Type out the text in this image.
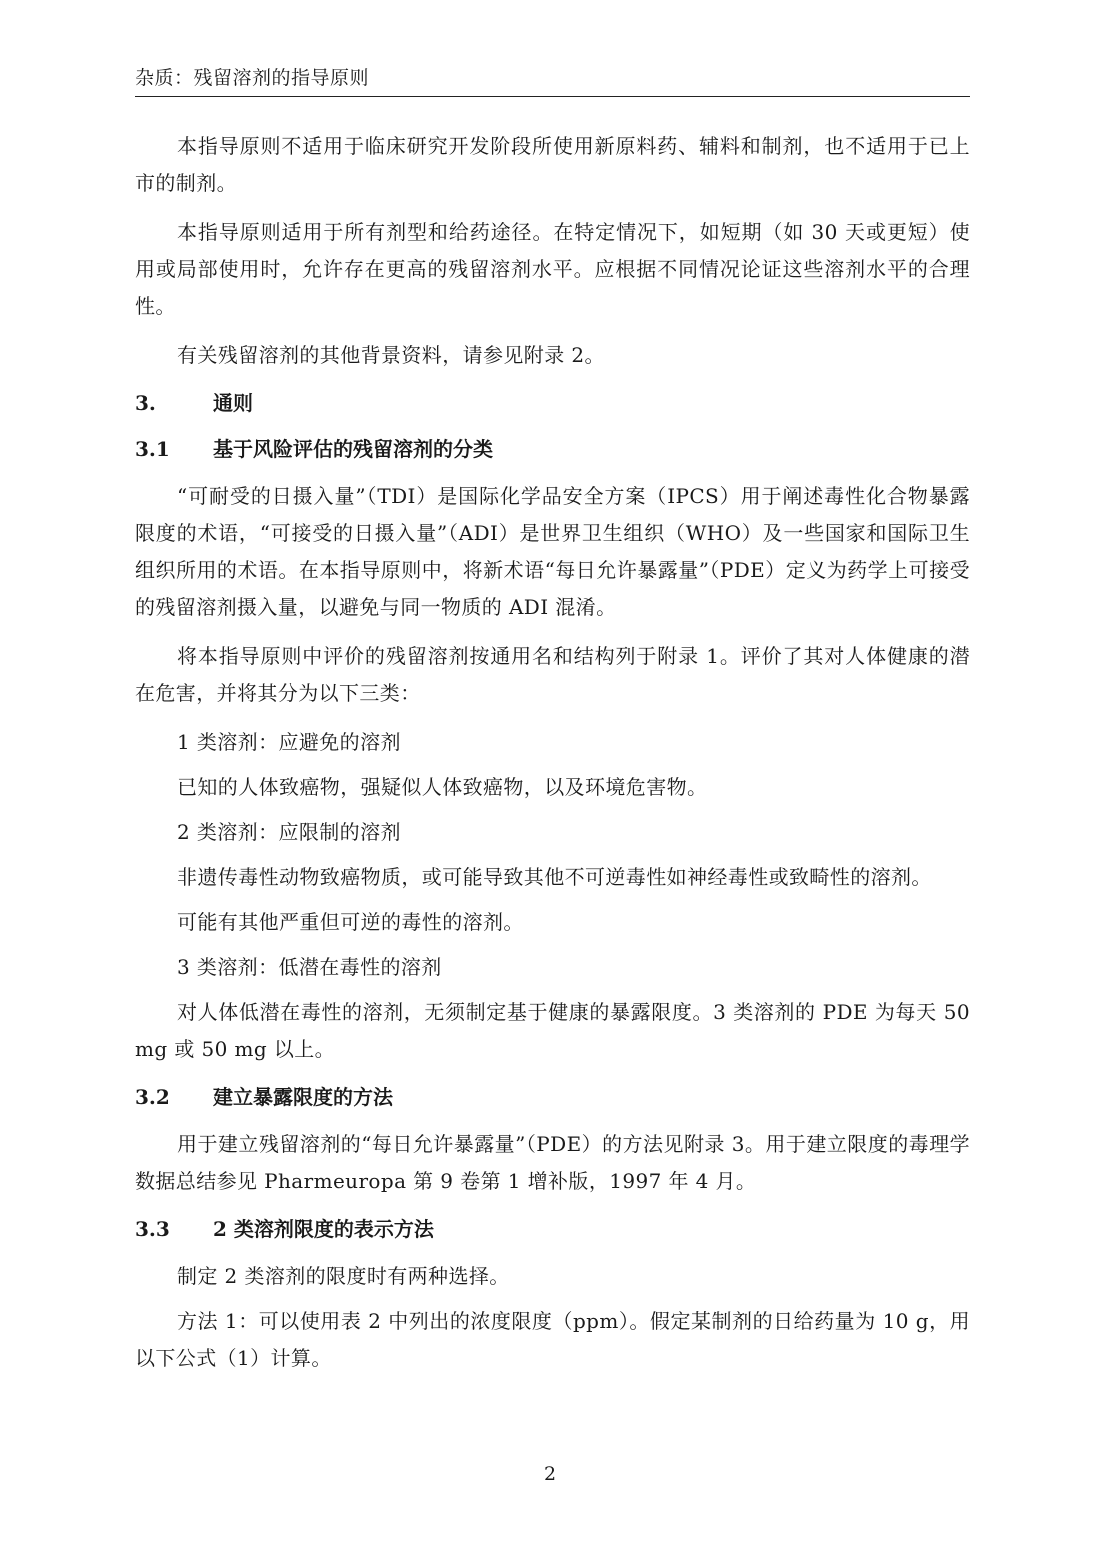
杂质：残留溶剂的指导原则

本指导原则不适用于临床研究开发阶段所使用新原料药、辅料和制剂，也不适用于已上市的制剂。

本指导原则适用于所有剂型和给药途径。在特定情况下，如短期（如 30 天或更短）使用或局部使用时，允许存在更高的残留溶剂水平。应根据不同情况论证这些溶剂水平的合理性。

有关残留溶剂的其他背景资料，请参见附录 2。

3.	通则
3.1	基于风险评估的残留溶剂的分类

“可耐受的日摄入量”（TDI）是国际化学品安全方案（IPCS）用于阐述毒性化合物暴露限度的术语，“可接受的日摄入量”（ADI）是世界卫生组织（WHO）及一些国家和国际卫生组织所用的术语。在本指导原则中，将新术语“每日允许暴露量”（PDE）定义为药学上可接受的残留溶剂摄入量，以避免与同一物质的 ADI 混淆。

将本指导原则中评价的残留溶剂按通用名和结构列于附录 1。评价了其对人体健康的潜在危害，并将其分为以下三类：

1 类溶剂：应避免的溶剂

已知的人体致癌物，强疑似人体致癌物，以及环境危害物。

2 类溶剂：应限制的溶剂

非遗传毒性动物致癌物质，或可能导致其他不可逆毒性如神经毒性或致畸性的溶剂。

可能有其他严重但可逆的毒性的溶剂。

3 类溶剂：低潜在毒性的溶剂

对人体低潜在毒性的溶剂，无须制定基于健康的暴露限度。3 类溶剂的 PDE 为每天 50 mg 或 50 mg 以上。

3.2	建立暴露限度的方法

用于建立残留溶剂的“每日允许暴露量”（PDE）的方法见附录 3。用于建立限度的毒理学数据总结参见 Pharmeuropa 第 9 卷第 1 增补版，1997 年 4 月。

3.3	2 类溶剂限度的表示方法

制定 2 类溶剂的限度时有两种选择。

方法 1：可以使用表 2 中列出的浓度限度（ppm）。假定某制剂的日给药量为 10 g，用以下公式（1）计算。

2
